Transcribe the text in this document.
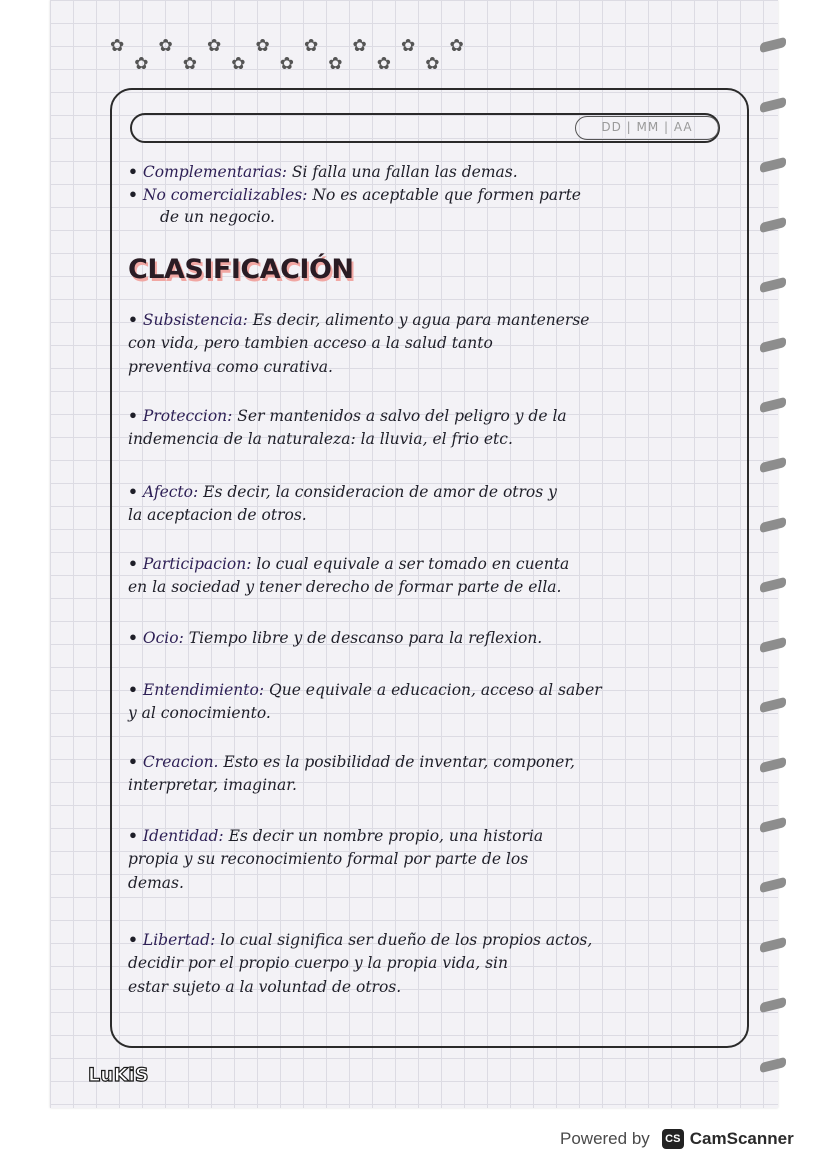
✿✿✿✿✿✿✿✿✿✿✿✿✿✿✿
DD | MM | AA
• Complementarias: Si falla una fallan las demas.
• No comercializables: No es aceptable que formen parte
de un negocio.
• Subsistencia: Es decir, alimento y agua para mantenerse
con vida, pero tambien acceso a la salud tanto
preventiva como curativa.
• Proteccion: Ser mantenidos a salvo del peligro y de la
indemencia de la naturaleza: la lluvia, el frio etc.
• Afecto: Es decir, la consideracion de amor de otros y
la aceptacion de otros.
• Participacion: lo cual equivale a ser tomado en cuenta
en la sociedad y tener derecho de formar parte de ella.
• Ocio: Tiempo libre y de descanso para la reflexion.
• Entendimiento: Que equivale a educacion, acceso al saber
y al conocimiento.
• Creacion. Esto es la posibilidad de inventar, componer,
interpretar, imaginar.
• Identidad: Es decir un nombre propio, una historia
propia y su reconocimiento formal por parte de los
demas.
• Libertad: lo cual significa ser dueño de los propios actos,
decidir por el propio cuerpo y la propia vida, sin
estar sujeto a la voluntad de otros.
CLASIFICACIÓN
LuKiS
Powered by	CS CamScanner
